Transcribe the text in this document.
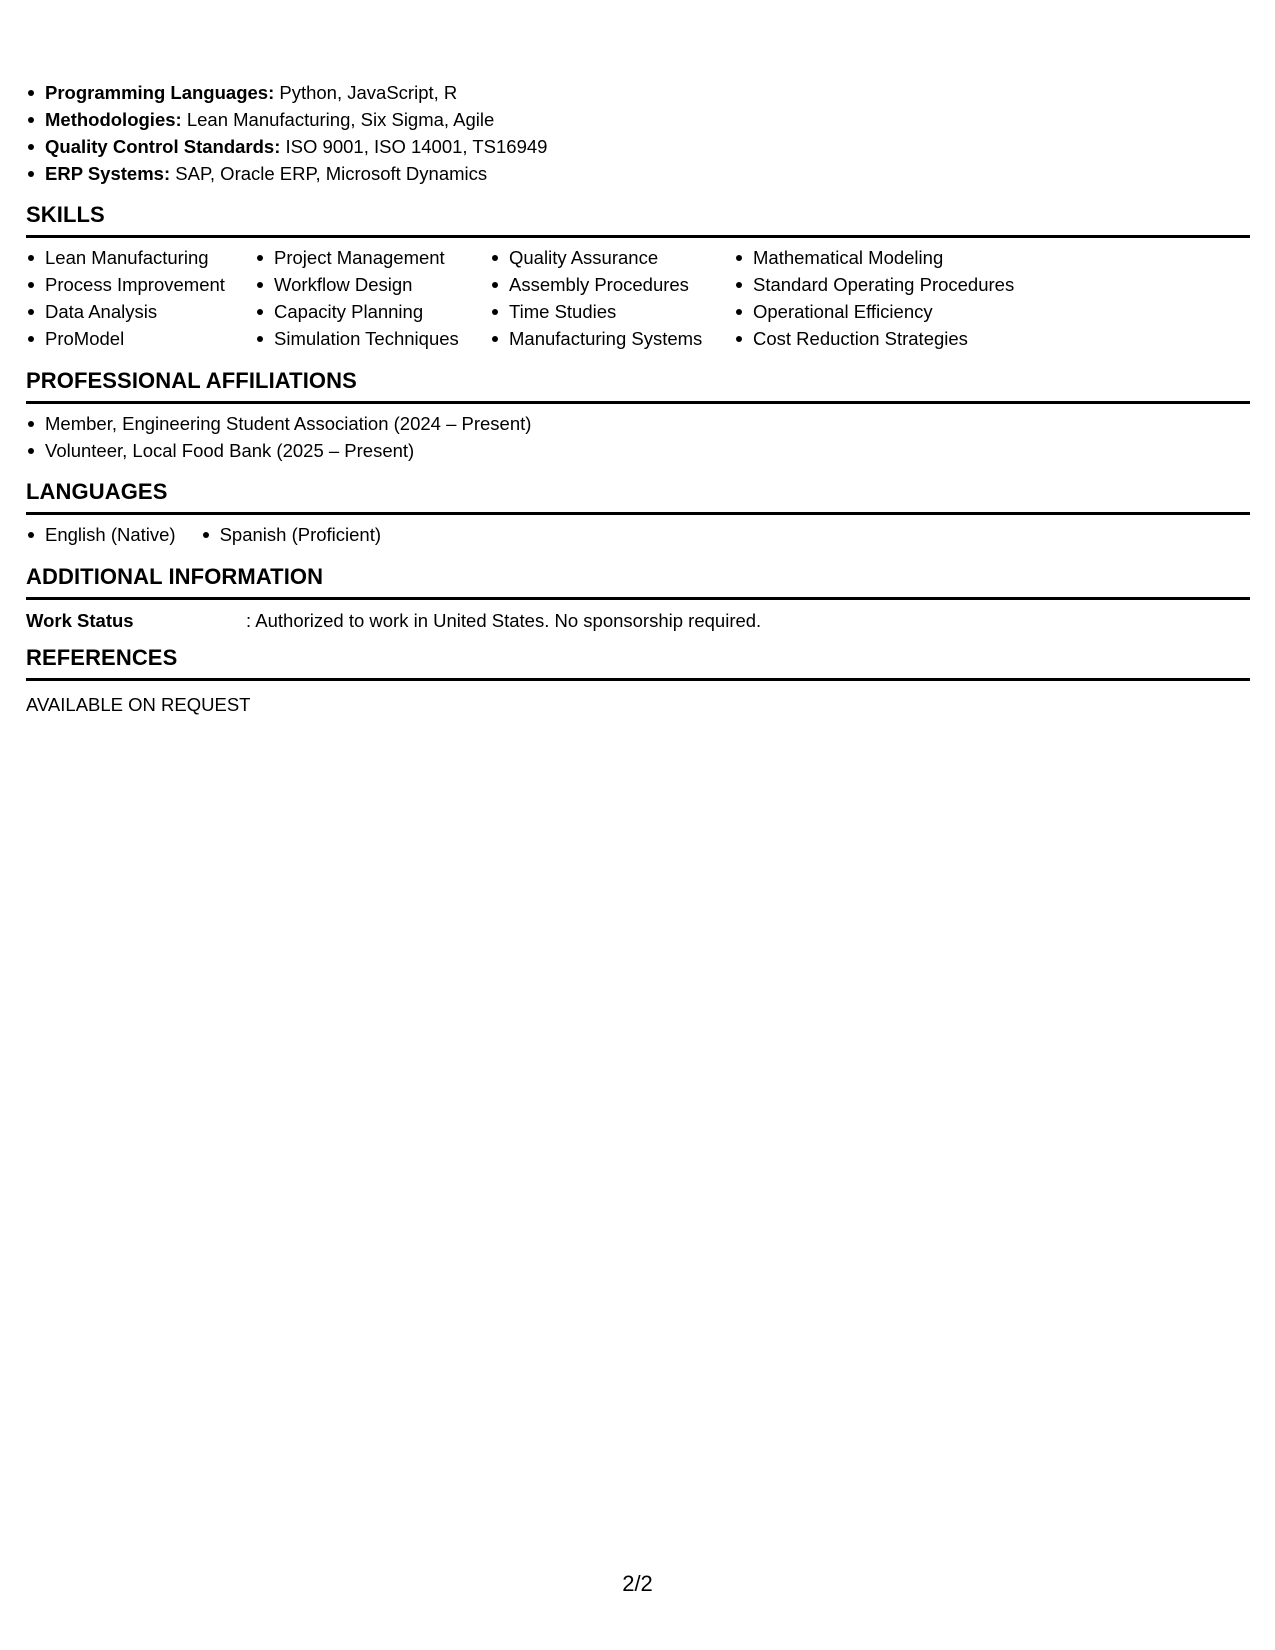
Programming Languages: Python, JavaScript, R
Methodologies: Lean Manufacturing, Six Sigma, Agile
Quality Control Standards: ISO 9001, ISO 14001, TS16949
ERP Systems: SAP, Oracle ERP, Microsoft Dynamics
SKILLS
Lean Manufacturing
Process Improvement
Data Analysis
ProModel
Project Management
Workflow Design
Capacity Planning
Simulation Techniques
Quality Assurance
Assembly Procedures
Time Studies
Manufacturing Systems
Mathematical Modeling
Standard Operating Procedures
Operational Efficiency
Cost Reduction Strategies
PROFESSIONAL AFFILIATIONS
Member, Engineering Student Association (2024 – Present)
Volunteer, Local Food Bank (2025 – Present)
LANGUAGES
English (Native)	Spanish (Proficient)
ADDITIONAL INFORMATION
Work Status	: Authorized to work in United States. No sponsorship required.
REFERENCES
AVAILABLE ON REQUEST
2/2
